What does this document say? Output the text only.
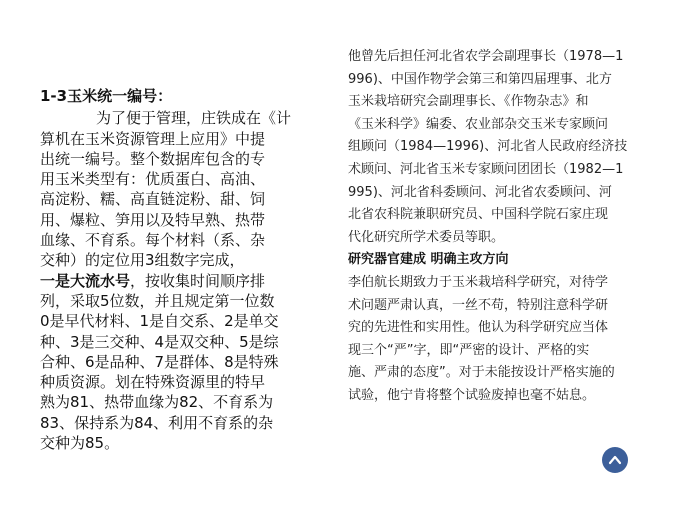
1-3玉米统一编号：
为了便于管理，庄铁成在《计
算机在玉米资源管理上应用》中提
出统一编号。整个数据库包含的专
用玉米类型有：优质蛋白、高油、
高淀粉、糯、高直链淀粉、甜、饲
用、爆粒、笋用以及特早熟、热带
血缘、不育系。每个材料（系、杂
交种）的定位用3组数字完成，
一是大流水号，按收集时间顺序排
列，采取5位数，并且规定第一位数
0是早代材料、1是自交系、2是单交
种、3是三交种、4是双交种、5是综
合种、6是品种、7是群体、8是特殊
种质资源。划在特殊资源里的特早
熟为81、热带血缘为82、不育系为
83、保持系为84、利用不育系的杂
交种为85。
他曾先后担任河北省农学会副理事长（1978—1
996)、中国作物学会第三和第四届理事、北方
玉米栽培研究会副理事长、《作物杂志》和
《玉米科学》编委、农业部杂交玉米专家顾问
组顾问（1984—1996)、河北省人民政府经济技
术顾问、河北省玉米专家顾问团团长（1982—1
995)、河北省科委顾问、河北省农委顾问、河
北省农科院兼职研究员、中国科学院石家庄现
代化研究所学术委员等职。
研究器官建成 明确主攻方向
李伯航长期致力于玉米栽培科学研究，对待学
术问题严肃认真，一丝不苟，特别注意科学研
究的先进性和实用性。他认为科学研究应当体
现三个“严”字，即“严密的设计、严格的实
施、严肃的态度”。对于未能按设计严格实施的
试验，他宁肯将整个试验废掉也毫不姑息。
